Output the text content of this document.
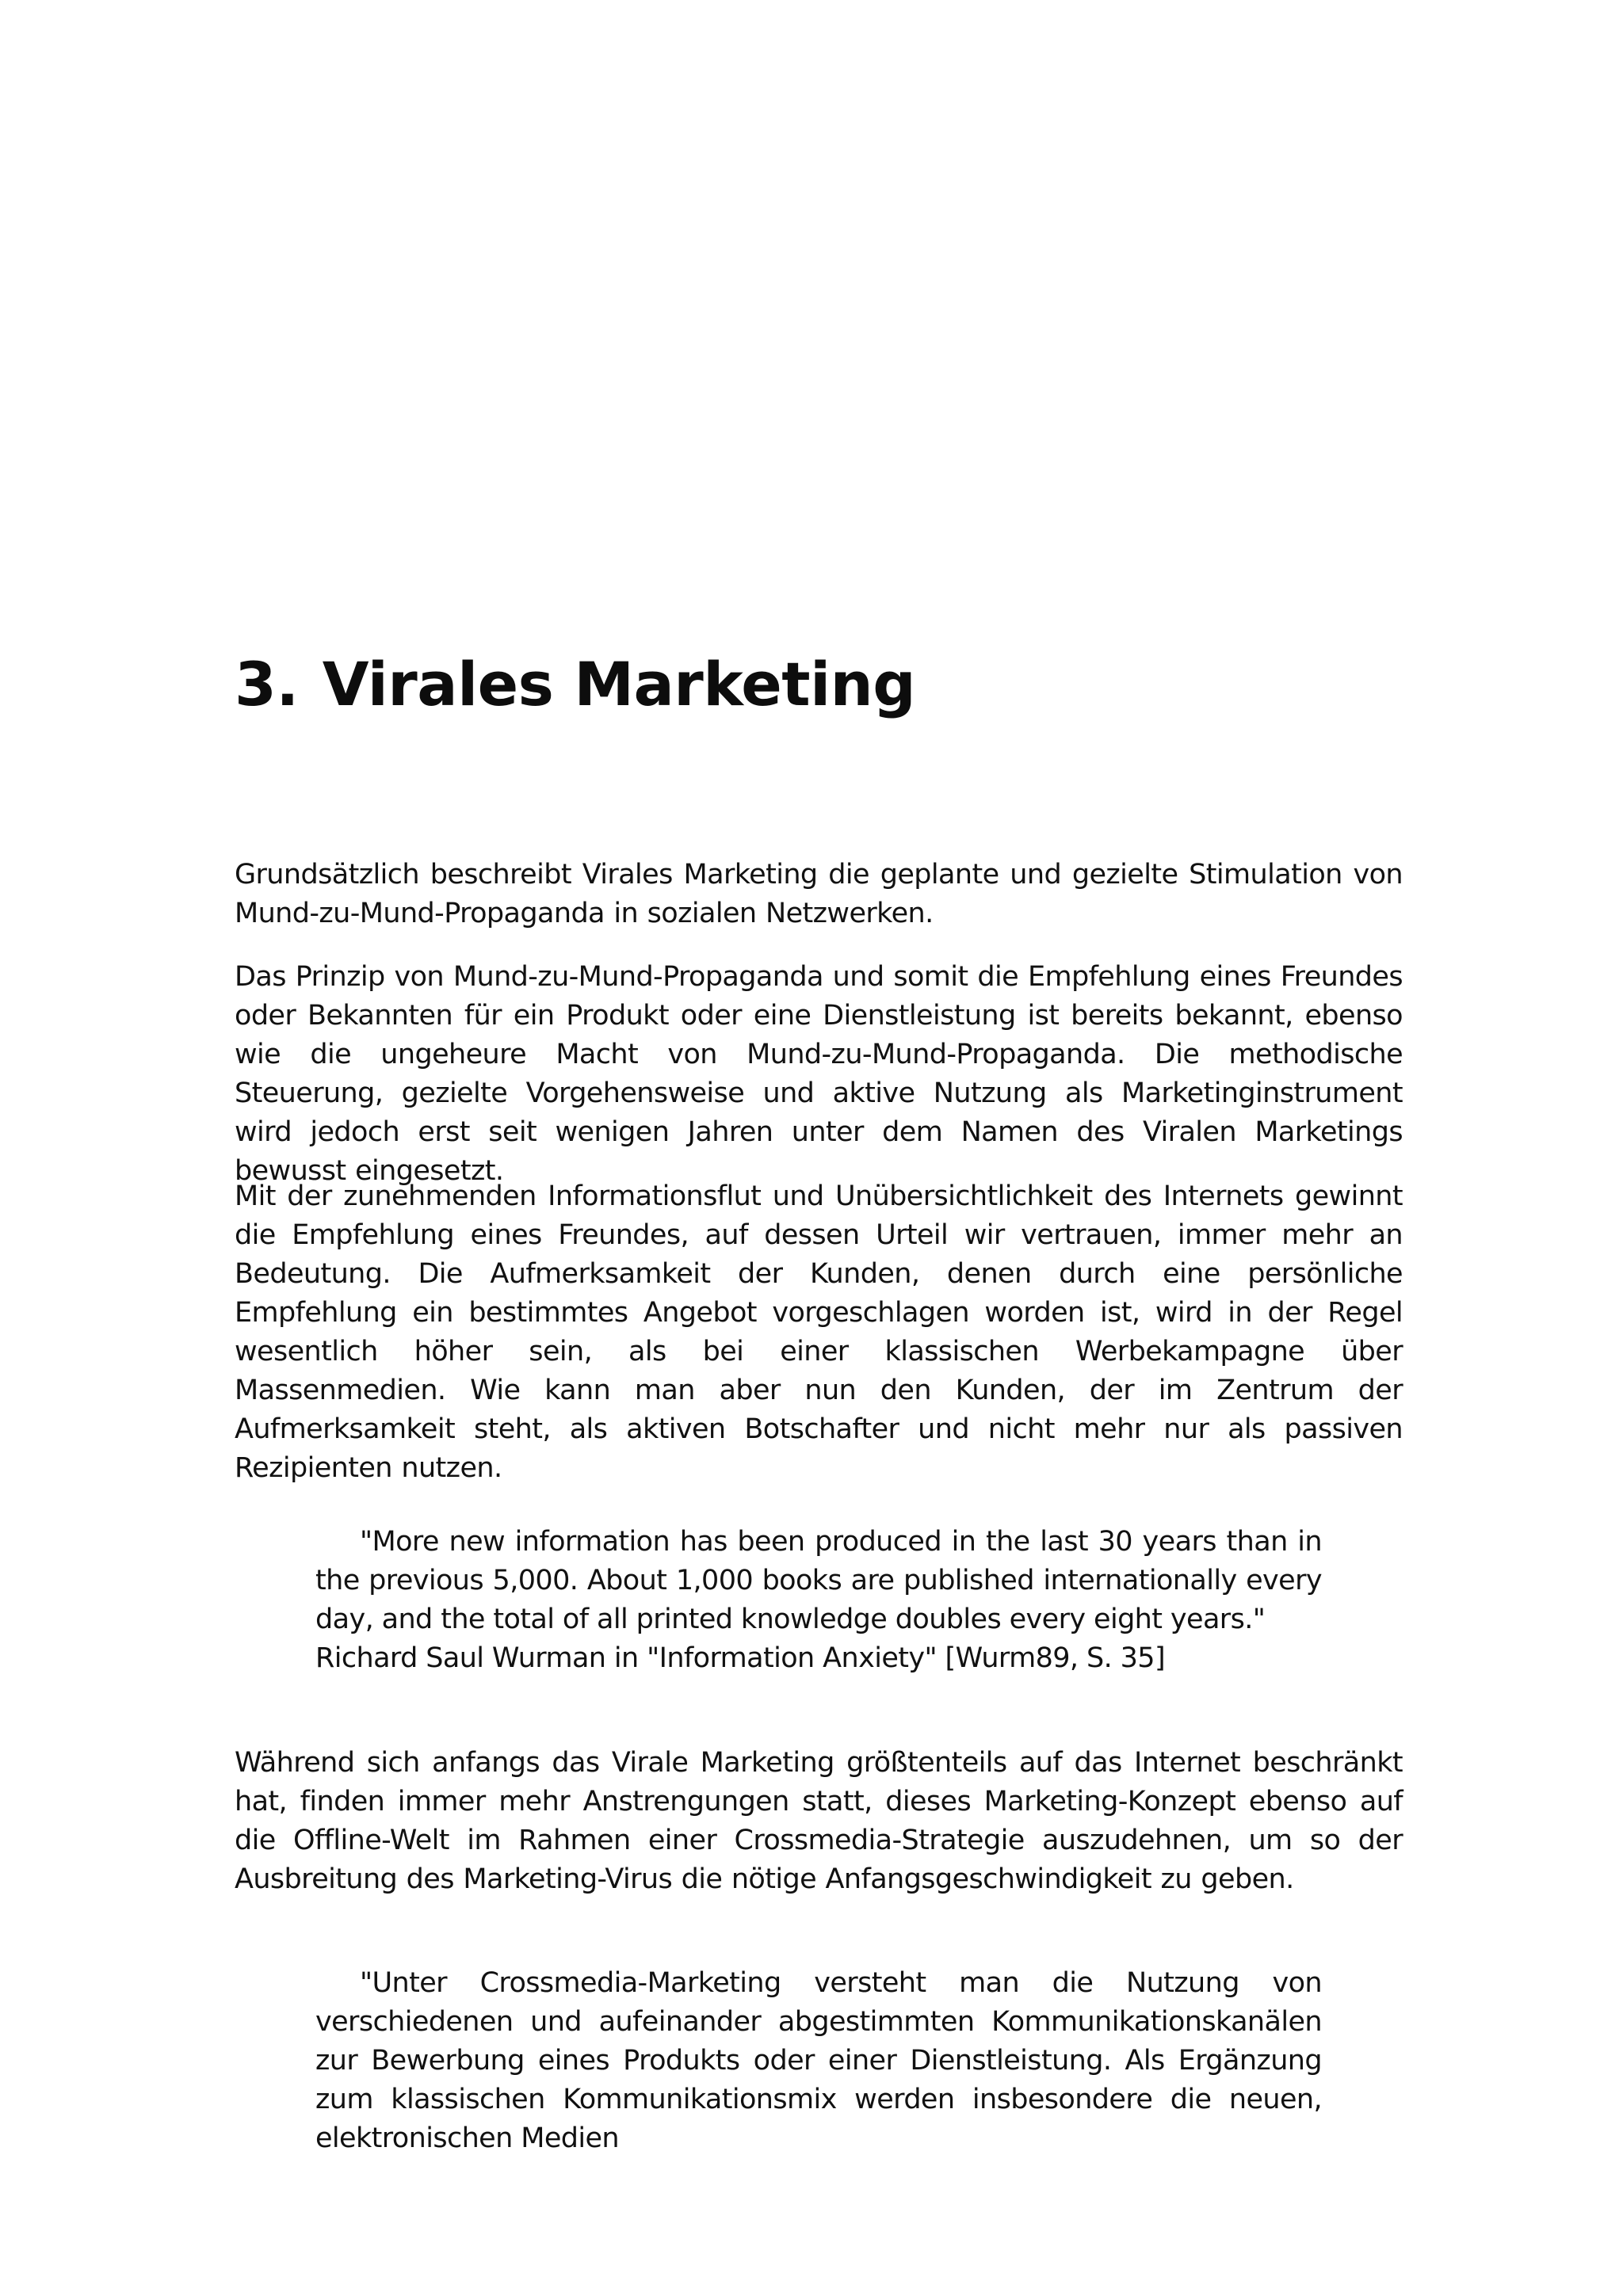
3. Virales Marketing

Grundsätzlich beschreibt Virales Marketing die geplante und gezielte Stimulation von Mund-zu-Mund-Propaganda in sozialen Netzwerken.

Das Prinzip von Mund-zu-Mund-Propaganda und somit die Empfehlung eines Freundes oder Bekannten für ein Produkt oder eine Dienstleistung ist bereits bekannt, ebenso wie die ungeheure Macht von Mund-zu-Mund-Propaganda. Die methodische Steuerung, gezielte Vorgehensweise und aktive Nutzung als Marketinginstrument wird jedoch erst seit wenigen Jahren unter dem Namen des Viralen Marketings bewusst eingesetzt.

Mit der zunehmenden Informationsflut und Unübersichtlichkeit des Internets gewinnt die Empfehlung eines Freundes, auf dessen Urteil wir vertrauen, immer mehr an Bedeutung. Die Aufmerksamkeit der Kunden, denen durch eine persönliche Empfehlung ein bestimmtes Angebot vorgeschlagen worden ist, wird in der Regel wesentlich höher sein, als bei einer klassischen Werbekampagne über Massenmedien. Wie kann man aber nun den Kunden, der im Zentrum der Aufmerksamkeit steht, als aktiven Botschafter und nicht mehr nur als passiven Rezipienten nutzen.

"More new information has been produced in the last 30 years than in the previous 5,000. About 1,000 books are published internationally every day, and the total of all printed knowledge doubles every eight years."
Richard Saul Wurman in "Information Anxiety" [Wurm89, S. 35]

Während sich anfangs das Virale Marketing größtenteils auf das Internet beschränkt hat, finden immer mehr Anstrengungen statt, dieses Marketing-Konzept ebenso auf die Offline-Welt im Rahmen einer Crossmedia-Strategie auszudehnen, um so der Ausbreitung des Marketing-Virus die nötige Anfangsgeschwindigkeit zu geben.

"Unter Crossmedia-Marketing versteht man die Nutzung von verschiedenen und aufeinander abgestimmten Kommunikationskanälen zur Bewerbung eines Produkts oder einer Dienstleistung. Als Ergänzung zum klassischen Kommunikationsmix werden insbesondere die neuen, elektronischen Medien
